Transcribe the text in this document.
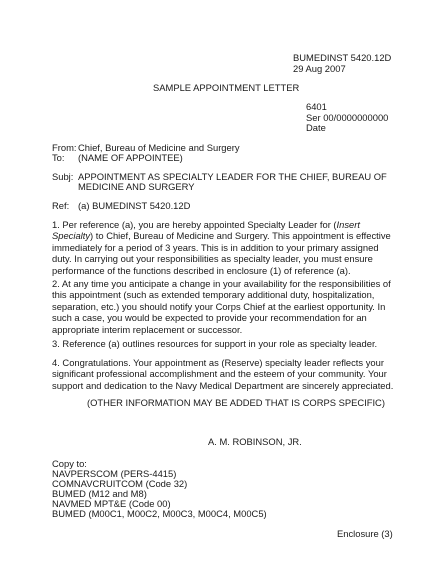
BUMEDINST 5420.12D
29 Aug 2007
SAMPLE APPOINTMENT LETTER
6401
Ser 00/0000000000
Date
From: Chief, Bureau of Medicine and Surgery
To: (NAME OF APPOINTEE)
Subj: APPOINTMENT AS SPECIALTY LEADER FOR THE CHIEF, BUREAU OF
MEDICINE AND SURGERY
Ref: (a) BUMEDINST 5420.12D
1. Per reference (a), you are hereby appointed Specialty Leader for (Insert Specialty) to Chief, Bureau of Medicine and Surgery. This appointment is effective immediately for a period of 3 years. This is in addition to your primary assigned duty. In carrying out your responsibilities as specialty leader, you must ensure performance of the functions described in enclosure (1) of reference (a).
2. At any time you anticipate a change in your availability for the responsibilities of this appointment (such as extended temporary additional duty, hospitalization, separation, etc.) you should notify your Corps Chief at the earliest opportunity. In such a case, you would be expected to provide your recommendation for an appropriate interim replacement or successor.
3. Reference (a) outlines resources for support in your role as specialty leader.
4. Congratulations. Your appointment as (Reserve) specialty leader reflects your significant professional accomplishment and the esteem of your community. Your support and dedication to the Navy Medical Department are sincerely appreciated.
(OTHER INFORMATION MAY BE ADDED THAT IS CORPS SPECIFIC)
A. M. ROBINSON, JR.
Copy to:
NAVPERSCOM (PERS-4415)
COMNAVCRUITCOM (Code 32)
BUMED (M12 and M8)
NAVMED MPT&E (Code 00)
BUMED (M00C1, M00C2, M00C3, M00C4, M00C5)
Enclosure (3)
